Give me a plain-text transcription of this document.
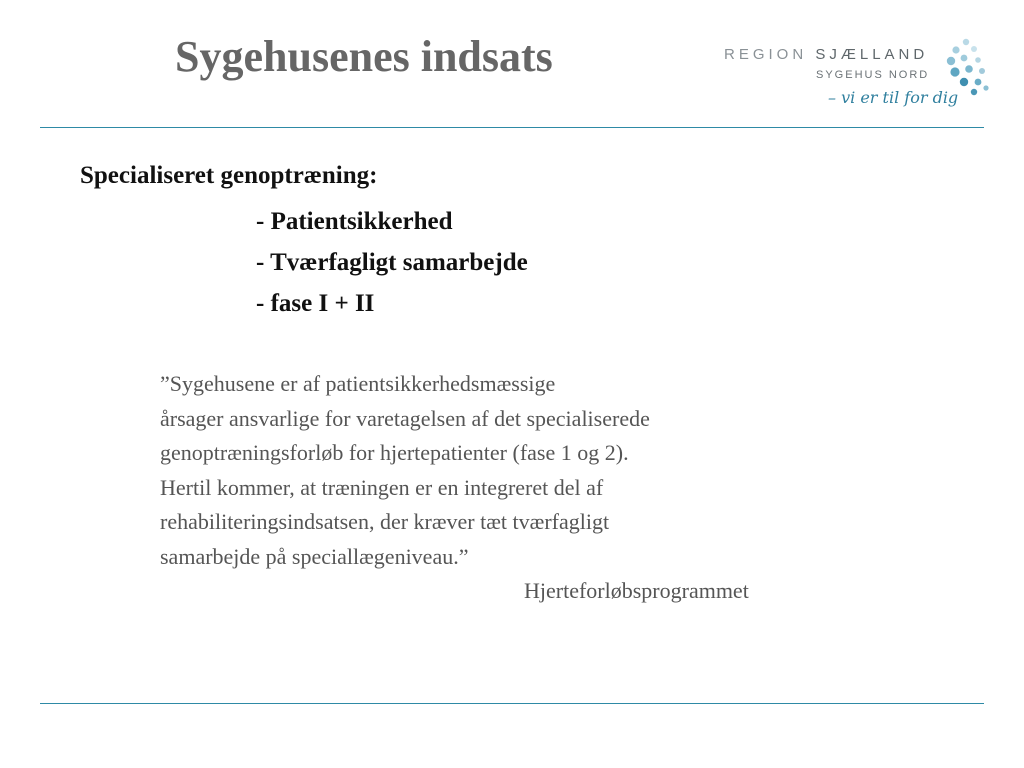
Sygehusenes indsats	REGION SJÆLLAND
SYGEHUS NORD
– vi er til for dig
Specialiseret genoptræning:
- Patientsikkerhed
- Tværfagligt samarbejde
- fase I + II
”Sygehusene er af patientsikkerhedsmæssige
årsager ansvarlige for varetagelsen af det specialiserede
genoptræningsforløb for hjertepatienter (fase 1 og 2).
Hertil kommer, at træningen er en integreret del af
rehabiliteringsindsatsen, der kræver tæt tværfagligt
samarbejde på speciallægeniveau.”
Hjerteforløbsprogrammet
